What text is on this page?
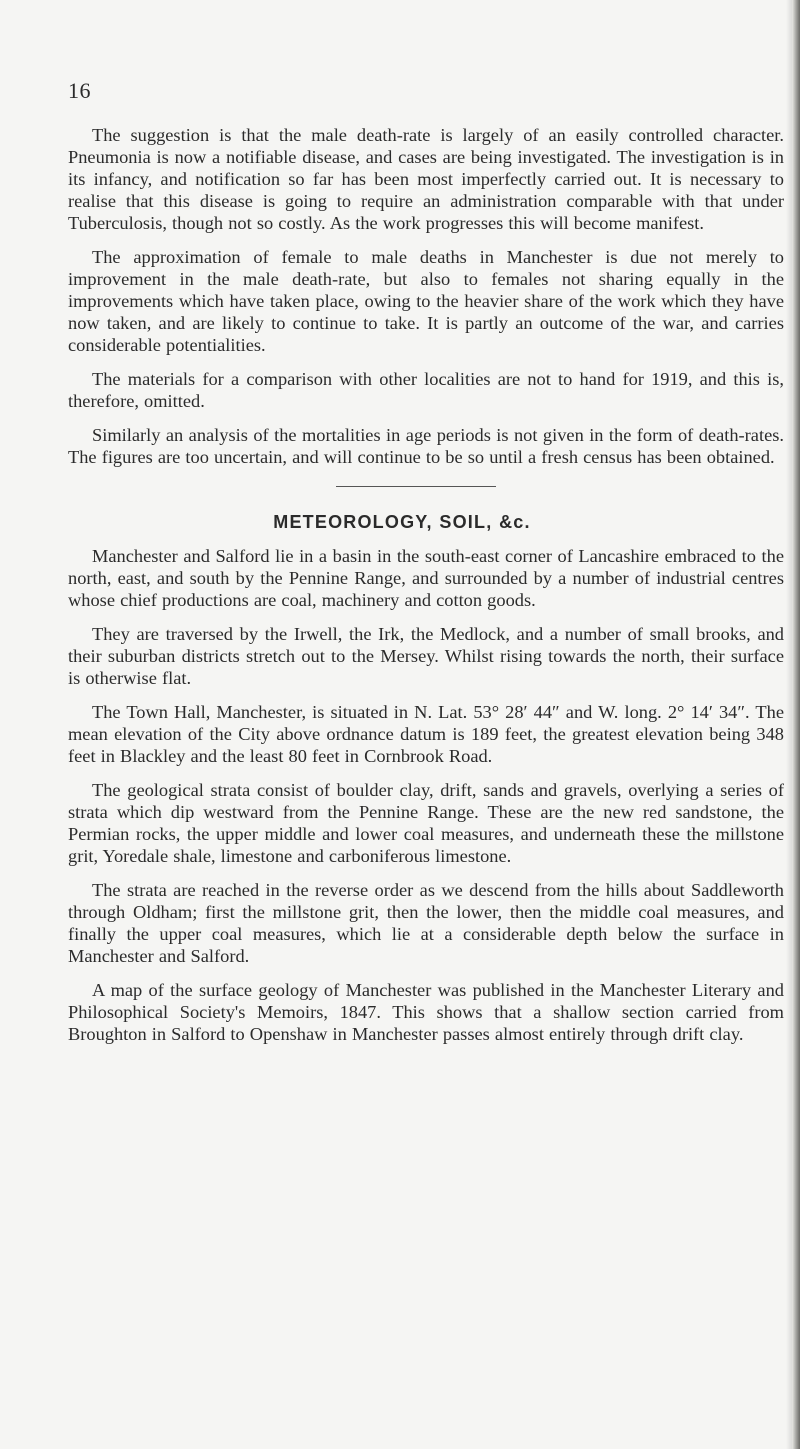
16

The suggestion is that the male death-rate is largely of an easily controlled character. Pneumonia is now a notifiable disease, and cases are being investigated. The investigation is in its infancy, and notification so far has been most imperfectly carried out. It is necessary to realise that this disease is going to require an administration comparable with that under Tuberculosis, though not so costly. As the work progresses this will become manifest.

The approximation of female to male deaths in Manchester is due not merely to improvement in the male death-rate, but also to females not sharing equally in the improvements which have taken place, owing to the heavier share of the work which they have now taken, and are likely to continue to take. It is partly an outcome of the war, and carries considerable potentialities.

The materials for a comparison with other localities are not to hand for 1919, and this is, therefore, omitted.

Similarly an analysis of the mortalities in age periods is not given in the form of death-rates. The figures are too uncertain, and will continue to be so until a fresh census has been obtained.

METEOROLOGY, SOIL, &c.

Manchester and Salford lie in a basin in the south-east corner of Lancashire embraced to the north, east, and south by the Pennine Range, and surrounded by a number of industrial centres whose chief productions are coal, machinery and cotton goods.

They are traversed by the Irwell, the Irk, the Medlock, and a number of small brooks, and their suburban districts stretch out to the Mersey. Whilst rising towards the north, their surface is otherwise flat.

The Town Hall, Manchester, is situated in N. Lat. 53° 28′ 44″ and W. long. 2° 14′ 34″. The mean elevation of the City above ordnance datum is 189 feet, the greatest elevation being 348 feet in Blackley and the least 80 feet in Cornbrook Road.

The geological strata consist of boulder clay, drift, sands and gravels, overlying a series of strata which dip westward from the Pennine Range. These are the new red sandstone, the Permian rocks, the upper middle and lower coal measures, and underneath these the millstone grit, Yoredale shale, limestone and carboniferous limestone.

The strata are reached in the reverse order as we descend from the hills about Saddleworth through Oldham; first the millstone grit, then the lower, then the middle coal measures, and finally the upper coal measures, which lie at a considerable depth below the surface in Manchester and Salford.

A map of the surface geology of Manchester was published in the Manchester Literary and Philosophical Society's Memoirs, 1847. This shows that a shallow section carried from Broughton in Salford to Openshaw in Manchester passes almost entirely through drift clay.
